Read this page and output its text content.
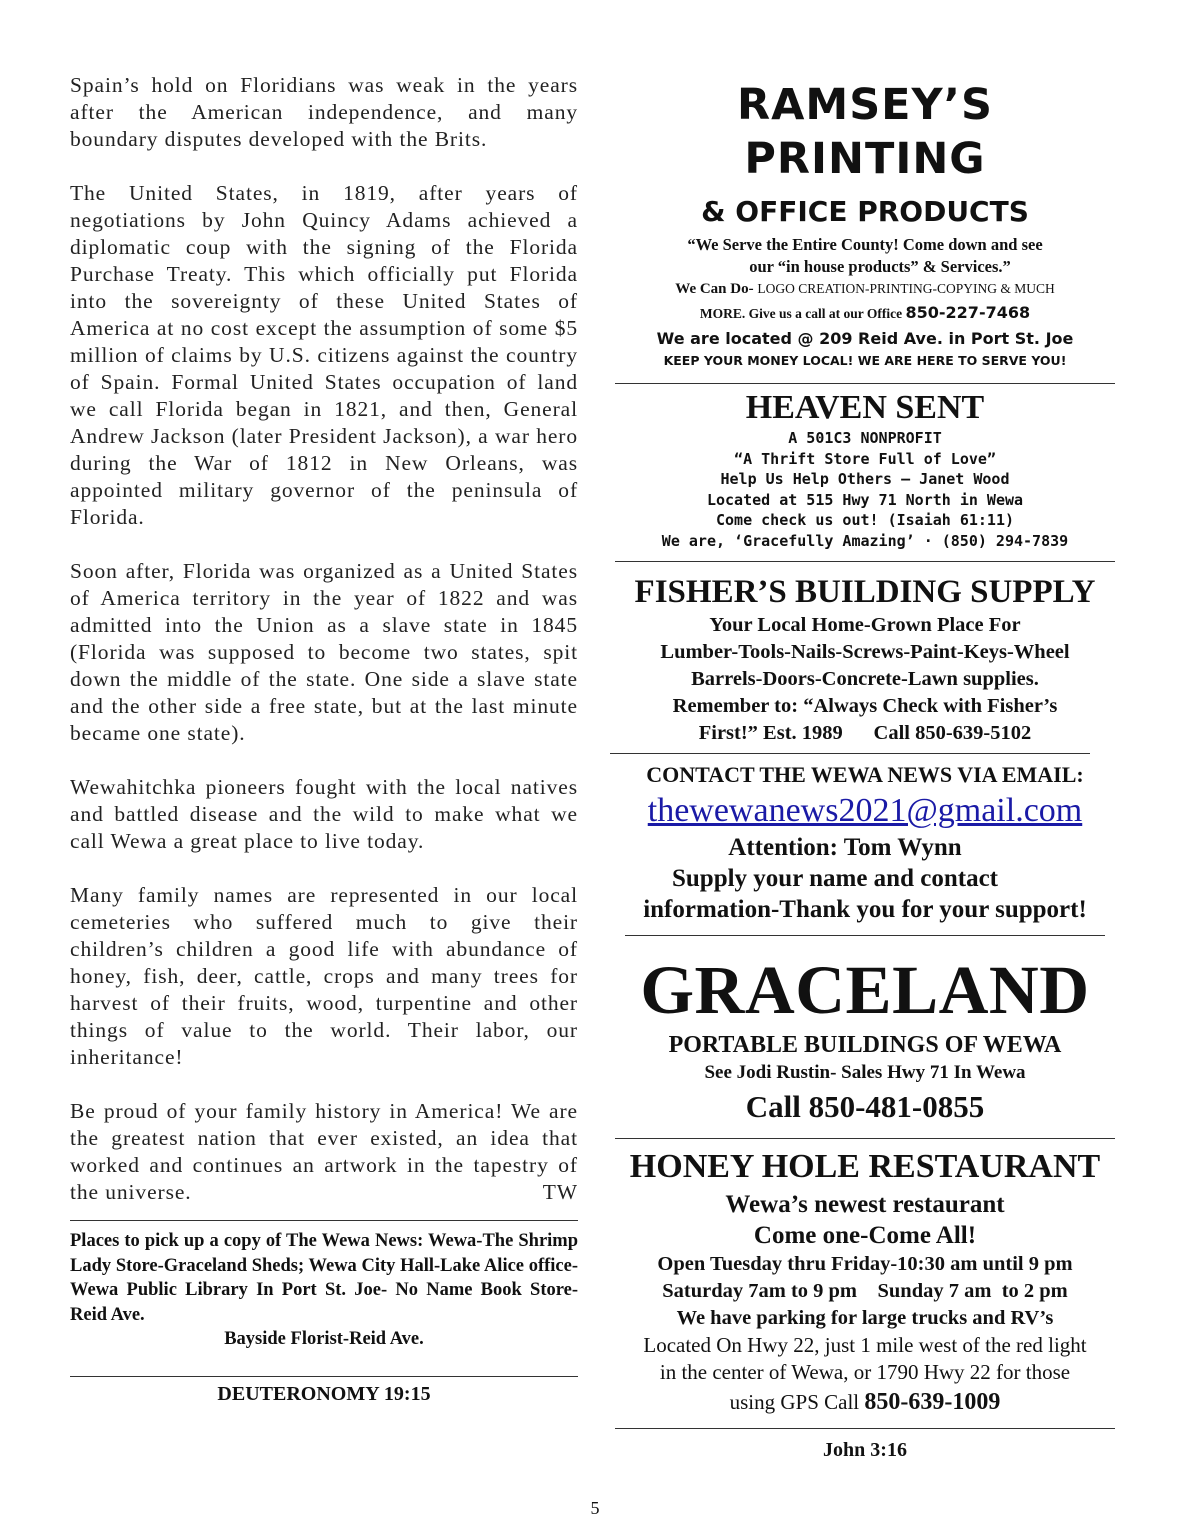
Spain’s hold on Floridians was weak in the years after the American independence, and many boundary disputes developed with the Brits.

The United States, in 1819, after years of negotiations by John Quincy Adams achieved a diplomatic coup with the signing of the Florida Purchase Treaty. This which officially put Florida into the sovereignty of these United States of America at no cost except the assumption of some $5 million of claims by U.S. citizens against the country of Spain. Formal United States occupation of land we call Florida began in 1821, and then, General Andrew Jackson (later President Jackson), a war hero during the War of 1812 in New Orleans, was appointed military governor of the peninsula of Florida.

Soon after, Florida was organized as a United States of America territory in the year of 1822 and was admitted into the Union as a slave state in 1845 (Florida was supposed to become two states, spit down the middle of the state. One side a slave state and the other side a free state, but at the last minute became one state).

Wewahitchka pioneers fought with the local natives and battled disease and the wild to make what we call Wewa a great place to live today.

Many family names are represented in our local cemeteries who suffered much to give their children’s children a good life with abundance of honey, fish, deer, cattle, crops and many trees for harvest of their fruits, wood, turpentine and other things of value to the world. Their labor, our inheritance!

Be proud of your family history in America! We are the greatest nation that ever existed, an idea that worked and continues an artwork in the tapestry of the universe.	TW

Places to pick up a copy of The Wewa News: Wewa-The Shrimp Lady Store-Graceland Sheds; Wewa City Hall-Lake Alice office-Wewa Public Library In Port St. Joe- No Name Book Store-Reid Ave.
Bayside Florist-Reid Ave.
DEUTERONOMY 19:15
RAMSEY’S PRINTING
& OFFICE PRODUCTS
“We Serve the Entire County! Come down and see
our “in house products” & Services.”
We Can Do- LOGO CREATION-PRINTING-COPYING & MUCH
MORE. Give us a call at our Office 850-227-7468
We are located @ 209 Reid Ave. in Port St. Joe
KEEP YOUR MONEY LOCAL! WE ARE HERE TO SERVE YOU!
HEAVEN SENT
A 501C3 NONPROFIT
“A Thrift Store Full of Love”
Help Us Help Others – Janet Wood
Located at 515 Hwy 71 North in Wewa
Come check us out! (Isaiah 61:11)
We are, ‘Gracefully Amazing’ · (850) 294-7839
FISHER’S BUILDING SUPPLY
Your Local Home-Grown Place For
Lumber-Tools-Nails-Screws-Paint-Keys-Wheel
Barrels-Doors-Concrete-Lawn supplies.
Remember to: “Always Check with Fisher’s
First!” Est. 1989      Call 850-639-5102
CONTACT THE WEWA NEWS VIA EMAIL:
thewewanews2021@gmail.com
Attention: Tom Wynn
Supply your name and contact
information-Thank you for your support!
GRACELAND
PORTABLE BUILDINGS OF WEWA
See Jodi Rustin- Sales Hwy 71 In Wewa
Call 850-481-0855
HONEY HOLE RESTAURANT
Wewa’s newest restaurant
Come one-Come All!
Open Tuesday thru Friday-10:30 am until 9 pm
Saturday 7am to 9 pm    Sunday 7 am  to 2 pm
We have parking for large trucks and RV’s
Located On Hwy 22, just 1 mile west of the red light
in the center of Wewa, or 1790 Hwy 22 for those
using GPS Call 850-639-1009
John 3:16
5
